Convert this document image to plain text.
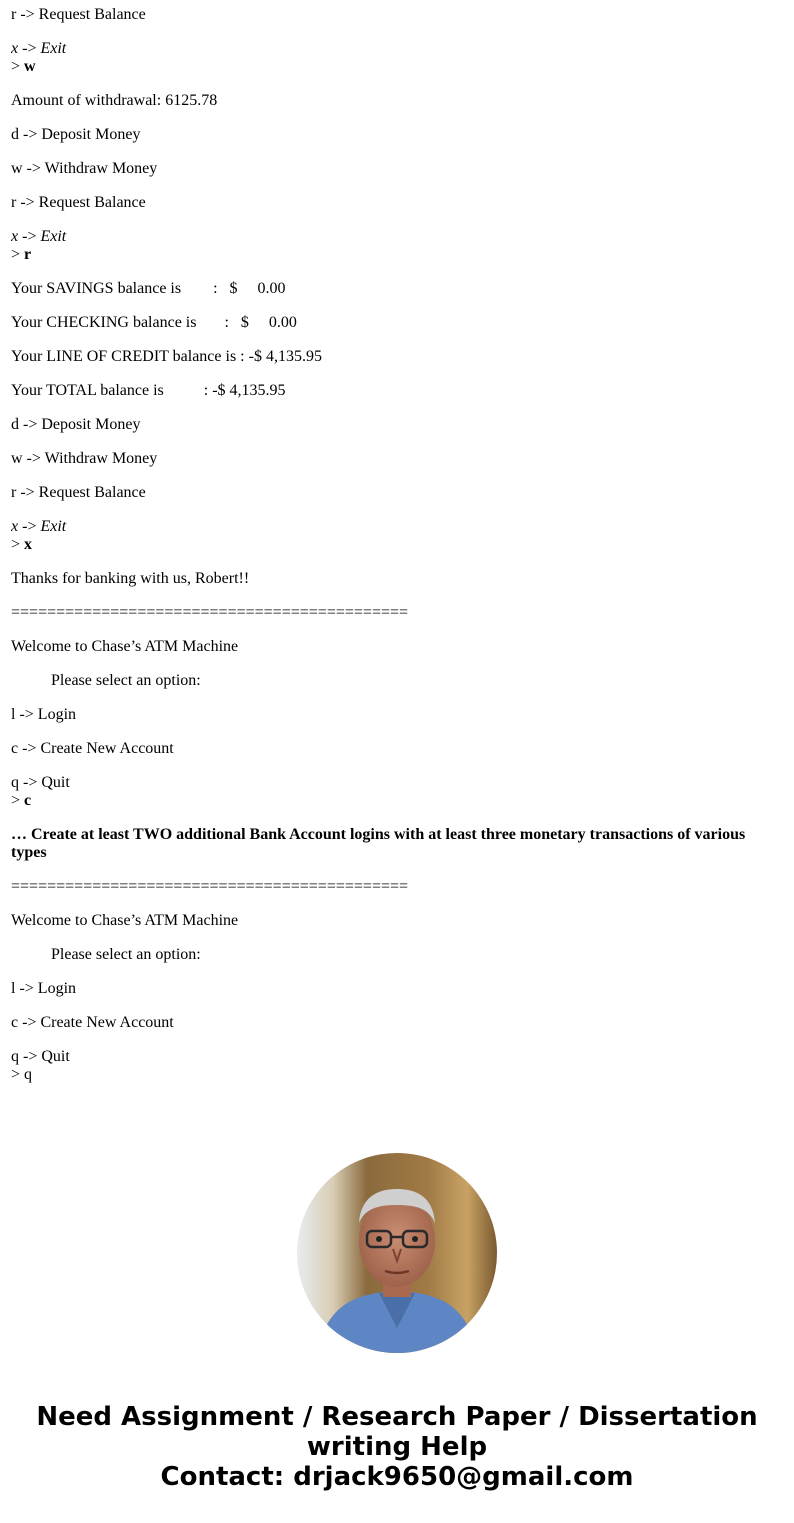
r -> Request Balance

x -> Exit

> w

Amount of withdrawal: 6125.78

d -> Deposit Money

w -> Withdraw Money

r -> Request Balance

x -> Exit

> r

Your SAVINGS balance is        :   $     0.00

Your CHECKING balance is       :   $     0.00

Your LINE OF CREDIT balance is : -$ 4,135.95

Your TOTAL balance is          : -$ 4,135.95

d -> Deposit Money

w -> Withdraw Money

r -> Request Balance

x -> Exit

> x

Thanks for banking with us, Robert!!

============================================

Welcome to Chase’s ATM Machine

Please select an option:

l -> Login

c -> Create New Account

q -> Quit

> c

… Create at least TWO additional Bank Account logins with at least three monetary transactions of various types

============================================

Welcome to Chase’s ATM Machine

Please select an option:

l -> Login

c -> Create New Account

q -> Quit

> q

Need Assignment / Research Paper / Dissertation
writing Help
Contact: drjack9650@gmail.com
